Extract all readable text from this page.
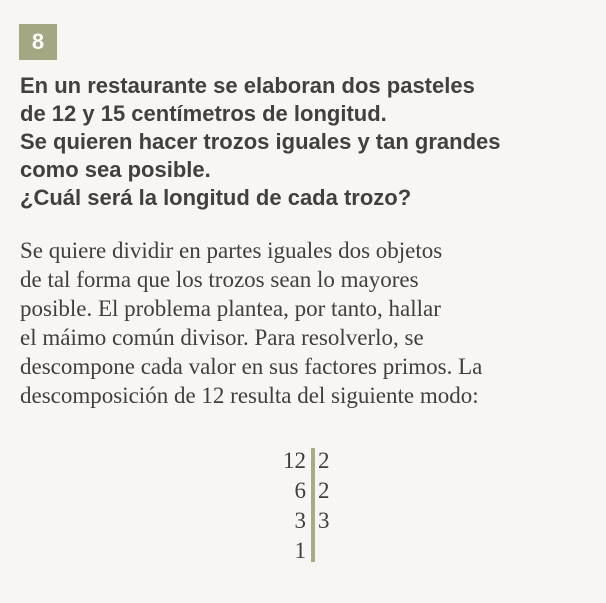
8
En un restaurante se elaboran dos pasteles
de 12 y 15 centímetros de longitud.
Se quieren hacer trozos iguales y tan grandes
como sea posible.
¿Cuál será la longitud de cada trozo?
Se quiere dividir en partes iguales dos objetos
de tal forma que los trozos sean lo mayores
posible. El problema plantea, por tanto, hallar
el máimo común divisor. Para resolverlo, se
descompone cada valor en sus factores primos. La
descomposición de 12 resulta del siguiente modo:
12 2
6 2
3 3
1
